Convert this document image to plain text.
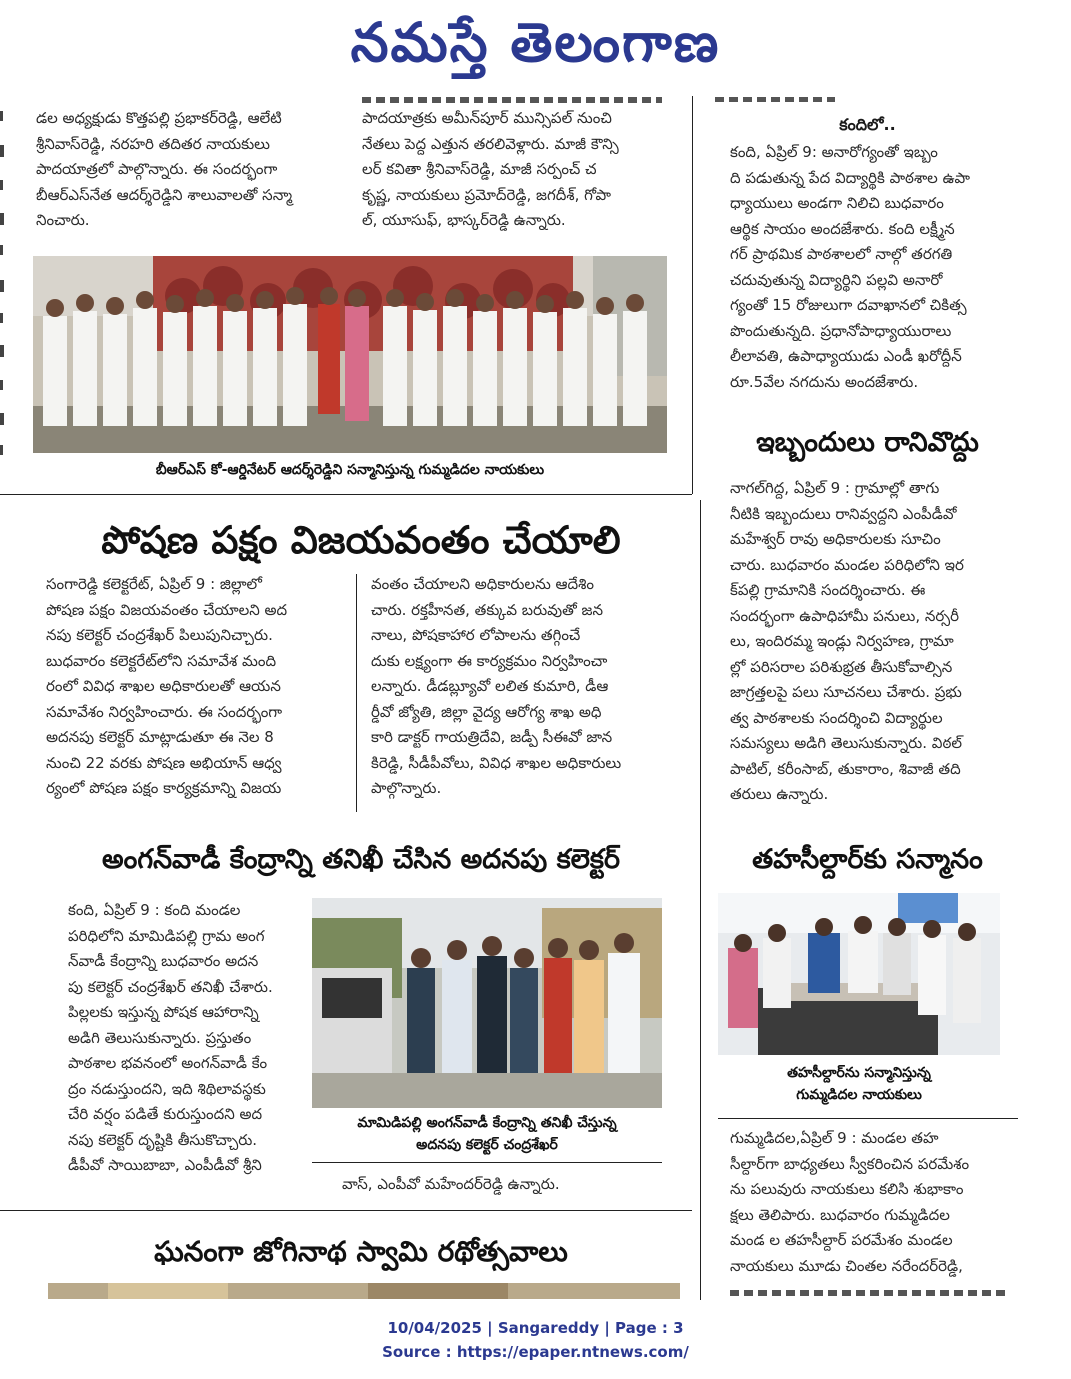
నమస్తే తెలంగాణ

డల అధ్యక్షుడు కొత్తపల్లి ప్రభాకర్‌రెడ్డి, ఆలేటి

శ్రీనివాస్‌రెడ్డి, నరహరి తదితర నాయకులు

పాదయాత్రలో పాల్గొన్నారు. ఈ సందర్భంగా

బీఆర్‌ఎస్‌నేత ఆదర్శ్‌రెడ్డిని శాలువాలతో సన్మా

నించారు.

పాదయాత్రకు అమీన్‌పూర్ మున్సిపల్ నుంచి

నేతలు పెద్ద ఎత్తున తరలివెళ్లారు. మాజీ కౌన్సి

లర్ కవితా శ్రీనివాస్‌రెడ్డి, మాజీ సర్పంచ్ చ

కృష్ణ, నాయకులు ప్రమోద్‌రెడ్డి, జగదీశ్, గోపా

ల్, యూసుఫ్, భాస్కర్‌రెడ్డి ఉన్నారు.

బీఆర్‌ఎస్ కో-ఆర్డినేటర్ ఆదర్శ్‌రెడ్డిని సన్మానిస్తున్న గుమ్మడిదల నాయకులు
కందిలో..

కంది, ఏప్రిల్ 9: అనారోగ్యంతో ఇబ్బం

ది పడుతున్న పేద విద్యార్థికి పాఠశాల ఉపా

ధ్యాయులు అండగా నిలిచి బుధవారం

ఆర్థిక సాయం అందజేశారు. కంది లక్ష్మీన

గర్ ప్రాథమిక పాఠశాలలో నాల్గో తరగతి

చదువుతున్న విద్యార్థిని పల్లవి అనారో

గ్యంతో 15 రోజులుగా దవాఖానలో చికిత్స

పొందుతున్నది. ప్రధానోపాధ్యాయురాలు

లీలావతి, ఉపాధ్యాయుడు ఎండీ ఖరోద్దీన్

రూ.5వేల నగదును అందజేశారు.

ఇబ్బందులు రానివొద్దు

నాగల్‌గిద్ద, ఏప్రిల్ 9 : గ్రామాల్లో తాగు

నీటికి ఇబ్బందులు రానివ్వద్దని ఎంపీడీవో

మహేశ్వర్ రావు అధికారులకు సూచిం

చారు. బుధవారం మండల పరిధిలోని ఇర

క్‌పల్లి గ్రామానికి సందర్శించారు. ఈ

సందర్భంగా ఉపాధిహామీ పనులు, నర్సరీ

లు, ఇందిరమ్మ ఇండ్లు నిర్వహణ, గ్రామా

ల్లో పరిసరాల పరిశుభ్రత తీసుకోవాల్సిన

జాగ్రత్తలపై పలు సూచనలు చేశారు. ప్రభు

త్వ పాఠశాలకు సందర్శించి విద్యార్థుల

సమస్యలు అడిగి తెలుసుకున్నారు. విఠల్

పాటిల్, కరీంసాబ్, తుకారాం, శివాజీ తది

తరులు ఉన్నారు.

పోషణ పక్షం విజయవంతం చేయాలి

సంగారెడ్డి కలెక్టరేట్, ఏప్రిల్ 9 : జిల్లాలో

పోషణ పక్షం విజయవంతం చేయాలని అద

నపు కలెక్టర్ చంద్రశేఖర్ పిలుపునిచ్చారు.

బుధవారం కలెక్టరేట్‌లోని సమావేశ మంది

రంలో వివిధ శాఖల అధికారులతో ఆయన

సమావేశం నిర్వహించారు. ఈ సందర్భంగా

అదనపు కలెక్టర్ మాట్లాడుతూ ఈ నెల 8

నుంచి 22 వరకు పోషణ అభియాన్ ఆధ్వ

ర్యంలో పోషణ పక్షం కార్యక్రమాన్ని విజయ

వంతం చేయాలని అధికారులను ఆదేశిం

చారు. రక్తహీనత, తక్కువ బరువుతో జన

నాలు, పోషకాహార లోపాలను తగ్గించే

దుకు లక్ష్యంగా ఈ కార్యక్రమం నిర్వహించా

లన్నారు. డీడబ్ల్యూవో లలిత కుమారి, డీఆ

ర్డీవో జ్యోతి, జిల్లా వైద్య ఆరోగ్య శాఖ అధి

కారి డాక్టర్ గాయత్రిదేవి, జడ్పీ సీఈవో జాన

కిరెడ్డి, సీడీపీవోలు, వివిధ శాఖల అధికారులు

పాల్గొన్నారు.

అంగన్‌వాడీ కేంద్రాన్ని తనిఖీ చేసిన అదనపు కలెక్టర్

కంది, ఏప్రిల్ 9 : కంది మండల

పరిధిలోని మామిడిపల్లి గ్రామ అంగ

న్‌వాడీ కేంద్రాన్ని బుధవారం అదన

పు కలెక్టర్ చంద్రశేఖర్ తనిఖీ చేశారు.

పిల్లలకు ఇస్తున్న పోషక ఆహారాన్ని

అడిగి తెలుసుకున్నారు. ప్రస్తుతం

పాఠశాల భవనంలో అంగన్‌వాడీ కేం

ద్రం నడుస్తుందని, ఇది శిథిలావస్థకు

చేరి వర్షం పడితే కురుస్తుందని అద

నపు కలెక్టర్ దృష్టికి తీసుకొచ్చారు.

డీపీవో సాయిబాబా, ఎంపీడీవో శ్రీని

మామిడిపల్లి అంగన్‌వాడీ కేంద్రాన్ని తనిఖీ చేస్తున్న
అదనపు కలెక్టర్ చంద్రశేఖర్
వాస్, ఎంపీవో మహేందర్‌రెడ్డి ఉన్నారు.
ఘనంగా జోగినాథ స్వామి రథోత్సవాలు
తహసీల్దార్‌కు సన్మానం
తహసీల్దార్‌ను సన్మానిస్తున్న
గుమ్మడిదల నాయకులు

గుమ్మడిదల,ఏప్రిల్ 9 : మండల తహ

సీల్దార్‌గా బాధ్యతలు స్వీకరించిన పరమేశం

ను పలువురు నాయకులు కలిసి శుభాకాం

క్షలు తెలిపారు. బుధవారం గుమ్మడిదల

మండ ల తహసీల్దార్ పరమేశం మండల

నాయకులు మూడు చింతల నరేందర్‌రెడ్డి,

10/04/2025 | Sangareddy | Page : 3
Source : https://epaper.ntnews.com/
